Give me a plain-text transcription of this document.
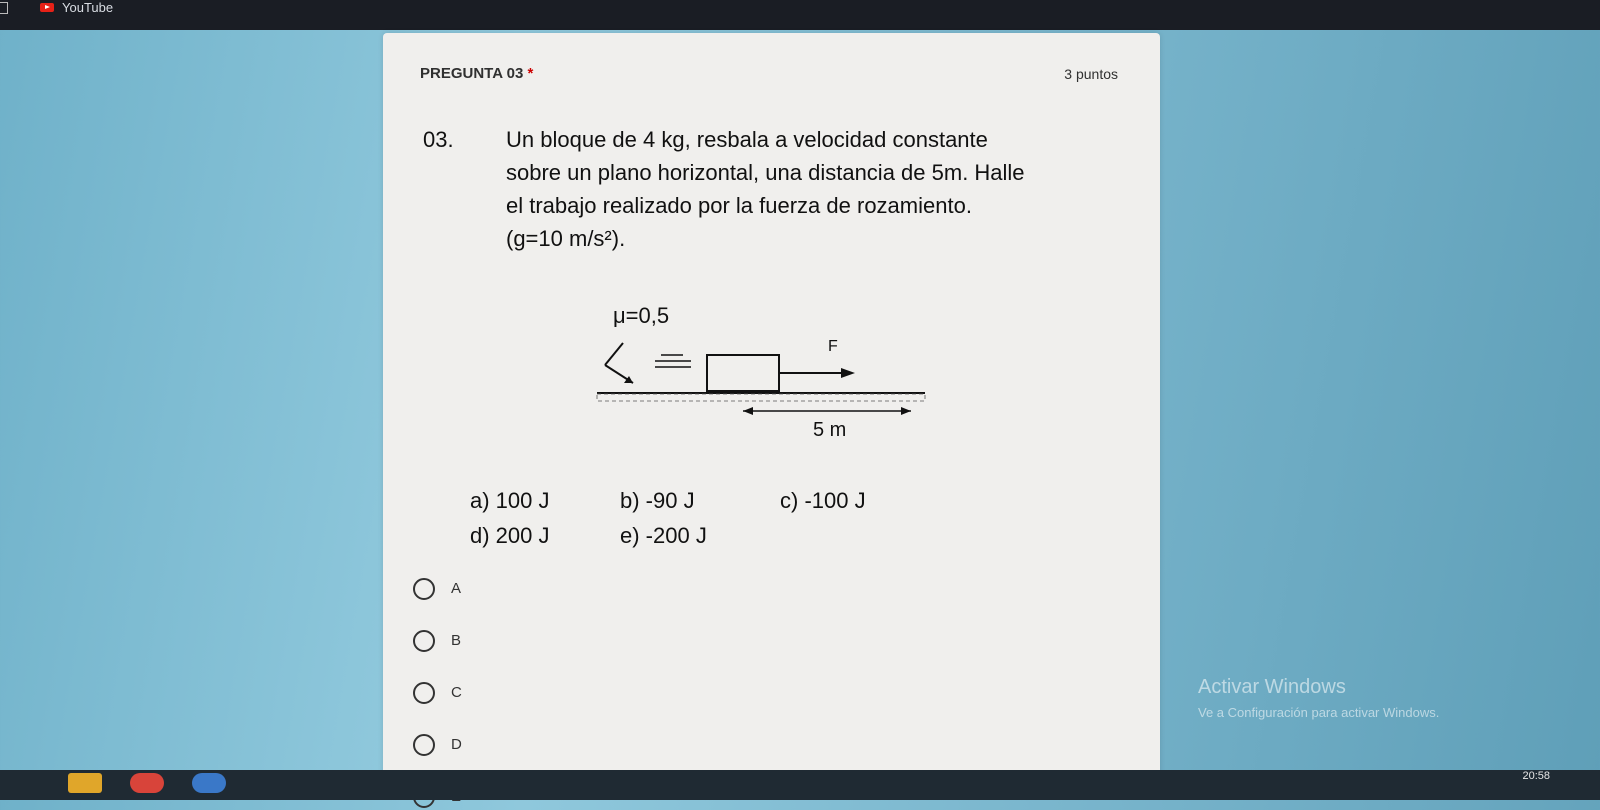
YouTube
PREGUNTA 03 *	3 puntos
03. Un bloque de 4 kg, resbala a velocidad constante
sobre un plano horizontal, una distancia de 5m. Halle
el trabajo realizado por la fuerza de rozamiento.
(g=10 m/s²).
μ=0,5
F
5 m
a) 100 J	b) -90 J	c) -100 J
d) 200 J	e) -200 J
A
B
C
D
Activar Windows
Ve a Configuración para activar Windows.
20:58
